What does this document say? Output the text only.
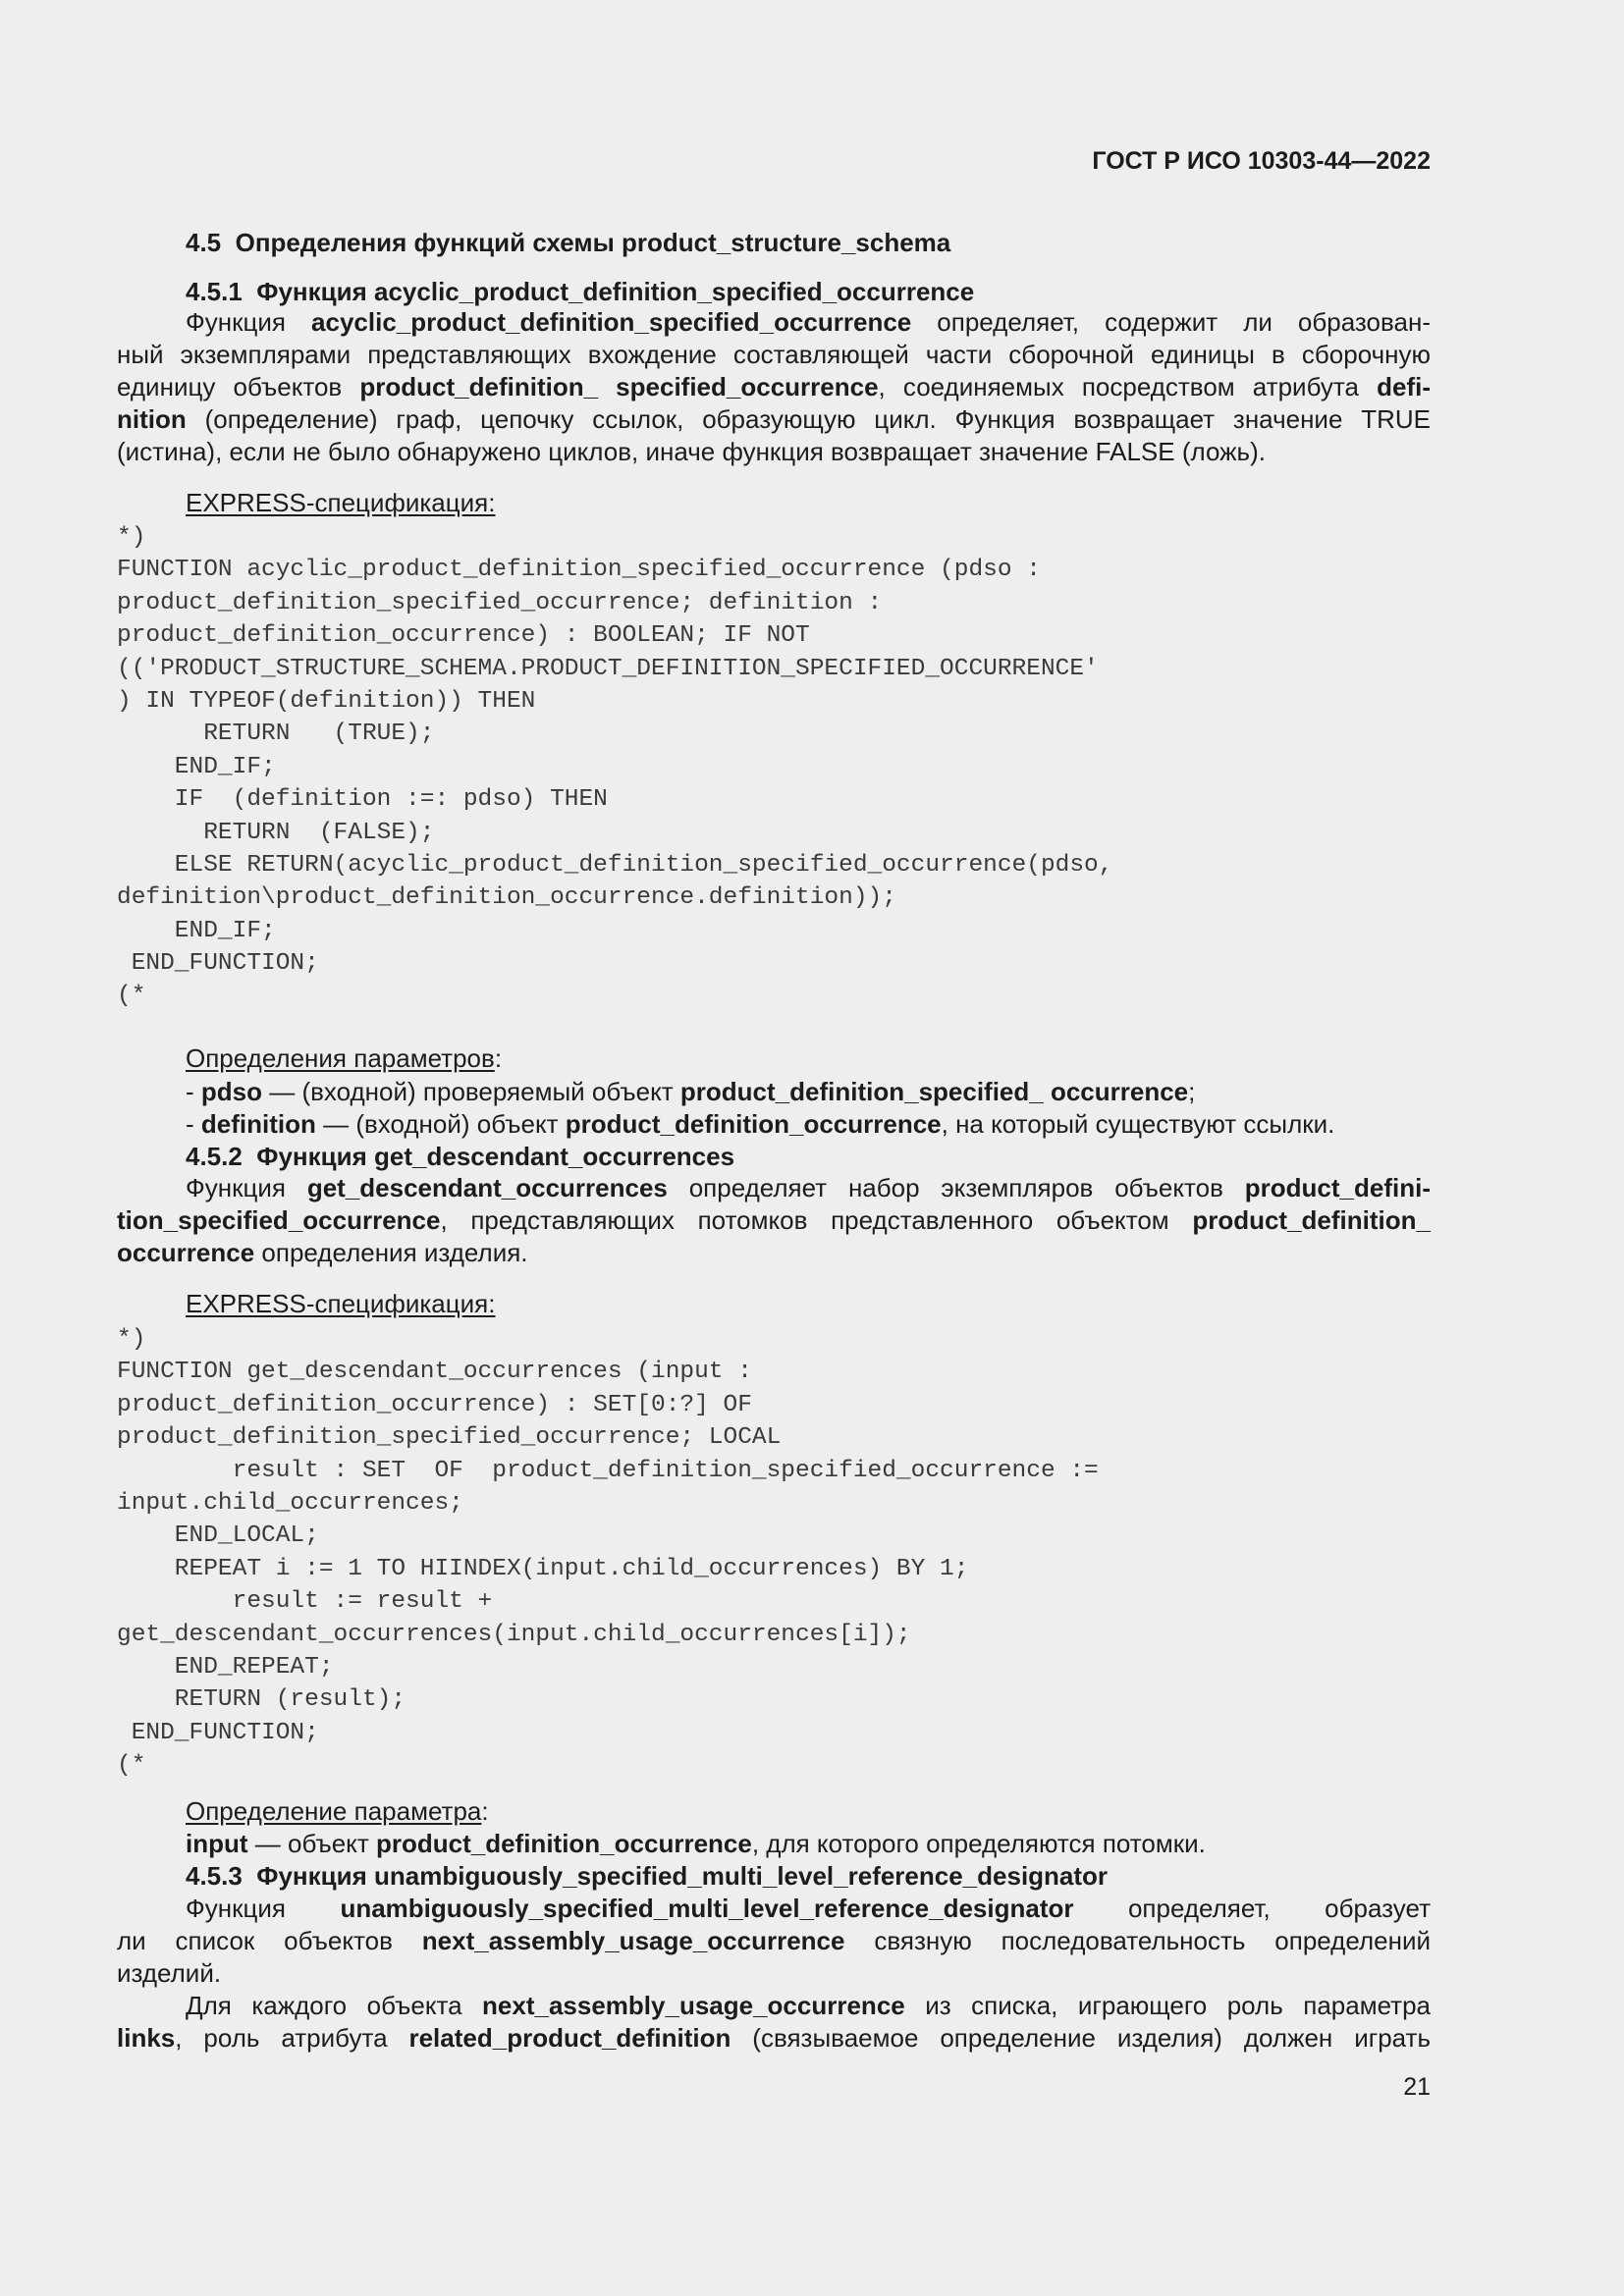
ГОСТ Р ИСО 10303-44—2022
4.5 Определения функций схемы product_structure_schema
4.5.1 Функция acyclic_product_definition_specified_occurrence
Функция acyclic_product_definition_specified_occurrence определяет, содержит ли образован-
ный экземплярами представляющих вхождение составляющей части сборочной единицы в сборочную
единицу объектов product_definition_ specified_occurrence, соединяемых посредством атрибута defi-
nition (определение) граф, цепочку ссылок, образующую цикл. Функция возвращает значение TRUE
(истина), если не было обнаружено циклов, иначе функция возвращает значение FALSE (ложь).
EXPRESS-спецификация:
*)
FUNCTION acyclic_product_definition_specified_occurrence (pdso :
product_definition_specified_occurrence; definition :
product_definition_occurrence) : BOOLEAN; IF NOT
(('PRODUCT_STRUCTURE_SCHEMA.PRODUCT_DEFINITION_SPECIFIED_OCCURRENCE'
) IN TYPEOF(definition)) THEN
RETURN   (TRUE);
END_IF;
IF  (definition :=: pdso) THEN
RETURN  (FALSE);
ELSE RETURN(acyclic_product_definition_specified_occurrence(pdso,
definition\product_definition_occurrence.definition));
END_IF;
END_FUNCTION;
(*
Определения параметров:
- pdso — (входной) проверяемый объект product_definition_specified_ occurrence;
- definition — (входной) объект product_definition_occurrence, на который существуют ссылки.
4.5.2 Функция get_descendant_occurrences
Функция get_descendant_occurrences определяет набор экземпляров объектов product_defini-
tion_specified_occurrence, представляющих потомков представленного объектом product_definition_
occurrence определения изделия.
EXPRESS-спецификация:
*)
FUNCTION get_descendant_occurrences (input :
product_definition_occurrence) : SET[0:?] OF
product_definition_specified_occurrence; LOCAL
result : SET  OF  product_definition_specified_occurrence :=
input.child_occurrences;
END_LOCAL;
REPEAT i := 1 TO HIINDEX(input.child_occurrences) BY 1;
result := result +
get_descendant_occurrences(input.child_occurrences[i]);
END_REPEAT;
RETURN (result);
END_FUNCTION;
(*
Определение параметра:
input — объект product_definition_occurrence, для которого определяются потомки.
4.5.3 Функция unambiguously_specified_multi_level_reference_designator
Функция unambiguously_specified_multi_level_reference_designator определяет, образует
ли список объектов next_assembly_usage_occurrence связную последовательность определений
изделий.
Для каждого объекта next_assembly_usage_occurrence из списка, играющего роль параметра
links, роль атрибута related_product_definition (связываемое определение изделия) должен играть
21
